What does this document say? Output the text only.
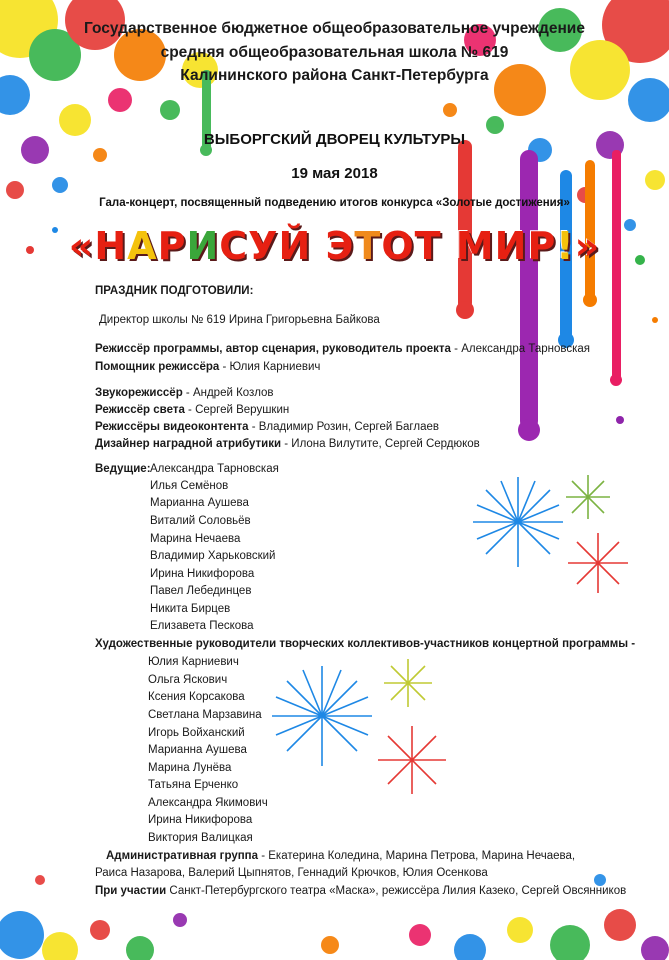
Государственное бюджетное общеобразовательное учреждение
средняя общеобразовательная школа № 619
Калининского района Санкт-Петербурга
ВЫБОРГСКИЙ ДВОРЕЦ КУЛЬТУРЫ
19 мая 2018
Гала-концерт, посвященный подведению итогов конкурса «Золотые достижения»
«НАРИСУЙ ЭТОТ МИР!»
ПРАЗДНИК ПОДГОТОВИЛИ:
Директор школы № 619 Ирина Григорьевна Байкова
Режиссёр программы, автор сценария, руководитель проекта - Александра Тарновская
Помощник режиссёра - Юлия Карниевич
Звукорежиссёр - Андрей Козлов
Режиссёр света - Сергей Верушкин
Режиссёры видеоконтента - Владимир Розин, Сергей Баглаев
Дизайнер наградной атрибутики - Илона Вилутите, Сергей Сердюков
Ведущие: Александра Тарновская
Илья Семёнов
Марианна Аушева
Виталий Соловьёв
Марина Нечаева
Владимир Харьковский
Ирина Никифорова
Павел Лебединцев
Никита Бирцев
Елизавета Пескова
Художественные руководители творческих коллективов-участников концертной программы -
Юлия Карниевич
Ольга Яскович
Ксения Корсакова
Светлана Марзавина
Игорь Войханский
Марианна Аушева
Марина Лунёва
Татьяна Ерченко
Александра Якимович
Ирина Никифорова
Виктория Валицкая
Административная группа - Екатерина Коледина, Марина Петрова, Марина Нечаева,
Раиса Назарова, Валерий Цыпнятов, Геннадий Крючков, Юлия Осенкова
При участии Санкт-Петербургского театра «Маска», режиссёра Лилия Казеко, Сергей Овсянников
